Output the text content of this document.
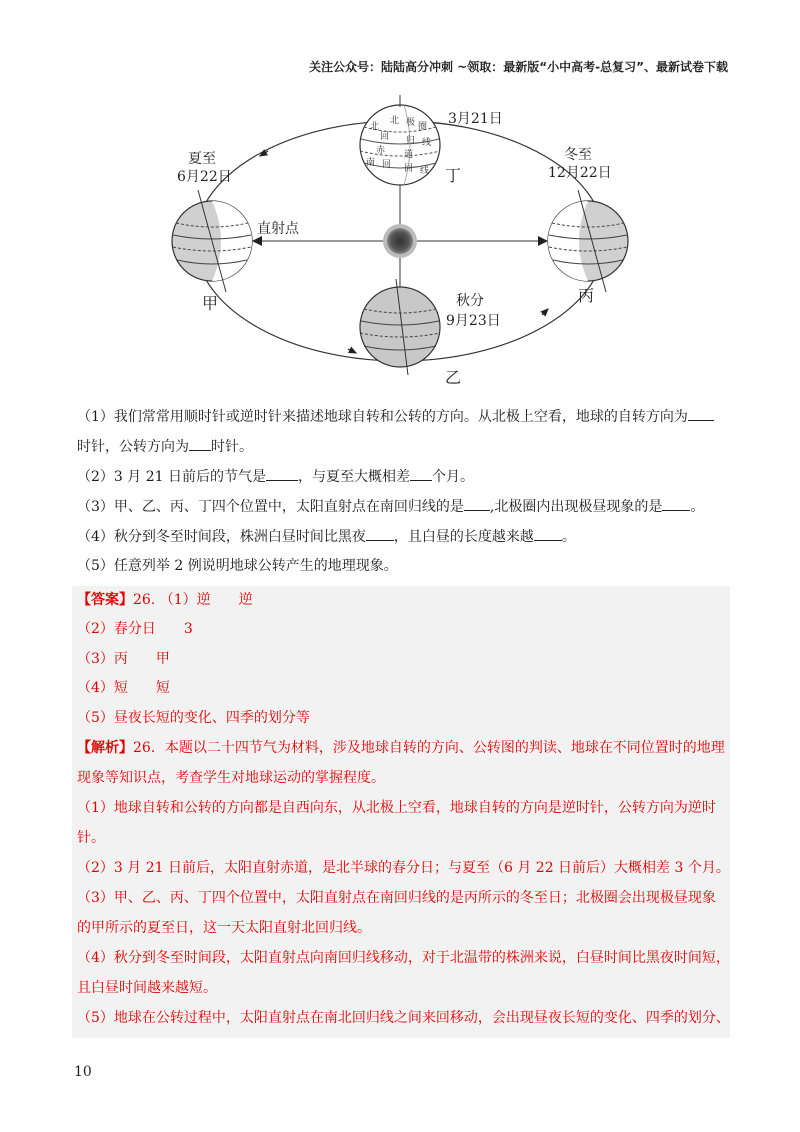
关注公众号：陆陆高分冲刺 ~领取：最新版“小中高考-总复习”、最新试卷下载
北
北 极 圈
回 归 线
赤 道
南 回 回 线
3月21日
丁
夏至
6月22日
直射点
甲
冬至
12月22日
丙
秋分
9月23日
乙
（1）我们常常用顺时针或逆时针来描述地球自转和公转的方向。从北极上空看，地球的自转方向为
时针，公转方向为 时针。
（2）3 月 21 日前后的节气是 ，与夏至大概相差 个月。
（3）甲、乙、丙、丁四个位置中，太阳直射点在南回归线的是 ,北极圈内出现极昼现象的是 。
（4）秋分到冬至时间段，株洲白昼时间比黑夜 ，且白昼的长度越来越 。
（5）任意列举 2 例说明地球公转产生的地理现象。
【答案】26. （1）逆　　逆
（2）春分日　　3
（3）丙　　甲
（4）短　　短
（5）昼夜长短的变化、四季的划分等
【解析】26．本题以二十四节气为材料，涉及地球自转的方向、公转图的判读、地球在不同位置时的地理
现象等知识点，考查学生对地球运动的掌握程度。
（1）地球自转和公转的方向都是自西向东，从北极上空看，地球自转的方向是逆时针，公转方向为逆时
针。
（2）3 月 21 日前后，太阳直射赤道，是北半球的春分日；与夏至（6 月 22 日前后）大概相差 3 个月。
（3）甲、乙、丙、丁四个位置中，太阳直射点在南回归线的是丙所示的冬至日；北极圈会出现极昼现象
的甲所示的夏至日，这一天太阳直射北回归线。
（4）秋分到冬至时间段，太阳直射点向南回归线移动，对于北温带的株洲来说，白昼时间比黑夜时间短，
且白昼时间越来越短。
（5）地球在公转过程中，太阳直射点在南北回归线之间来回移动，会出现昼夜长短的变化、四季的划分、
10
